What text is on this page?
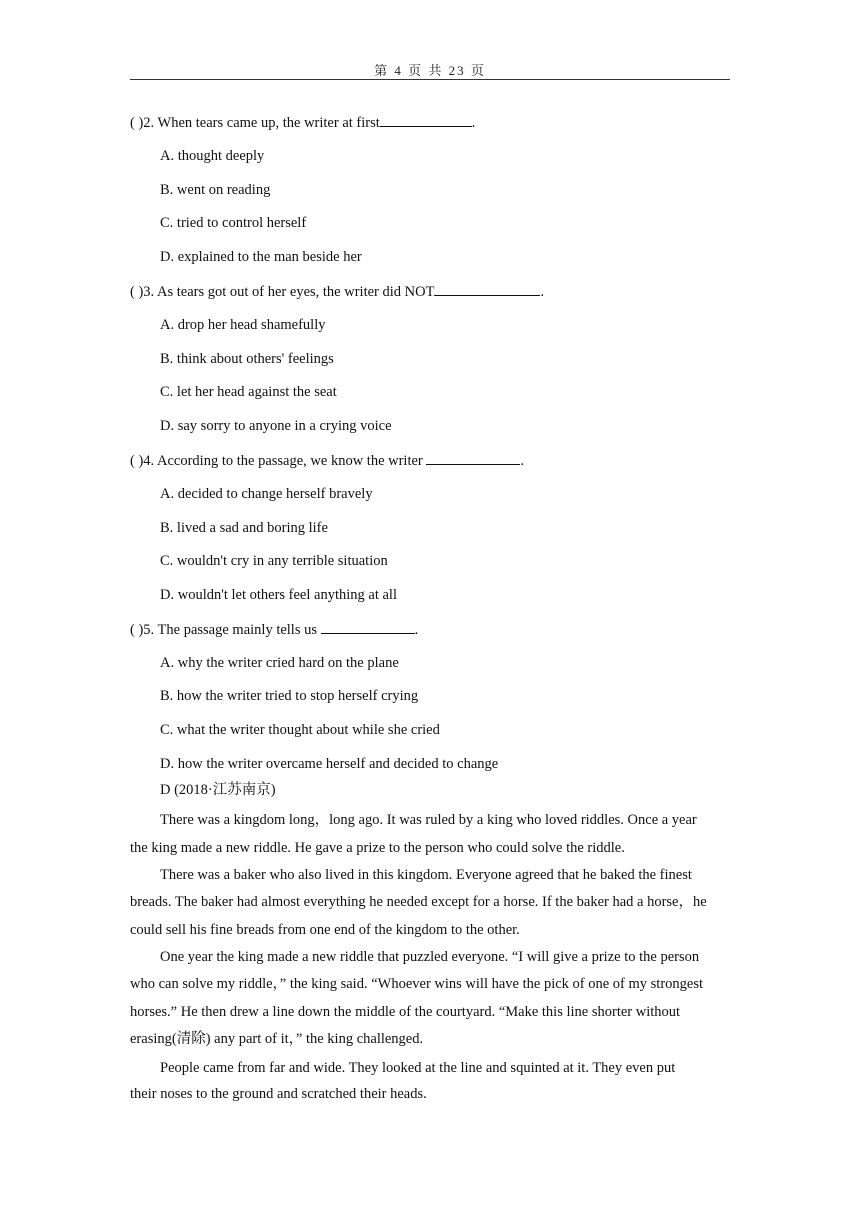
第 4 页 共 23 页
( )2. When tears came up, the writer at first	.
A. thought deeply
B. went on reading
C. tried to control herself
D. explained to the man beside her
( )3. As tears got out of her eyes, the writer did NOT	.
A. drop her head shamefully
B. think about others' feelings
C. let her head against the seat
D. say sorry to anyone in a crying voice
( )4. According to the passage, we know the writer	.
A. decided to change herself bravely
B. lived a sad and boring life
C. wouldn't cry in any terrible situation
D. wouldn't let others feel anything at all
( )5. The passage mainly tells us	.
A. why the writer cried hard on the plane
B. how the writer tried to stop herself crying
C. what the writer thought about while she cried
D. how the writer overcame herself and decided to change
D (2018·江苏南京)
There was a kingdom long，long ago. It was ruled by a king who loved riddles. Once a year
the king made a new riddle. He gave a prize to the person who could solve the riddle.
There was a baker who also lived in this kingdom. Everyone agreed that he baked the finest
breads. The baker had almost everything he needed except for a horse. If the baker had a horse，he
could sell his fine breads from one end of the kingdom to the other.
One year the king made a new riddle that puzzled everyone. “I will give a prize to the person
who can solve my riddle，” the king said. “Whoever wins will have the pick of one of my strongest
horses.” He then drew a line down the middle of the courtyard. “Make this line shorter without
erasing(清除) any part of it，” the king challenged.
People came from far and wide. They looked at the line and squinted at it. They even put
their noses to the ground and scratched their heads.
